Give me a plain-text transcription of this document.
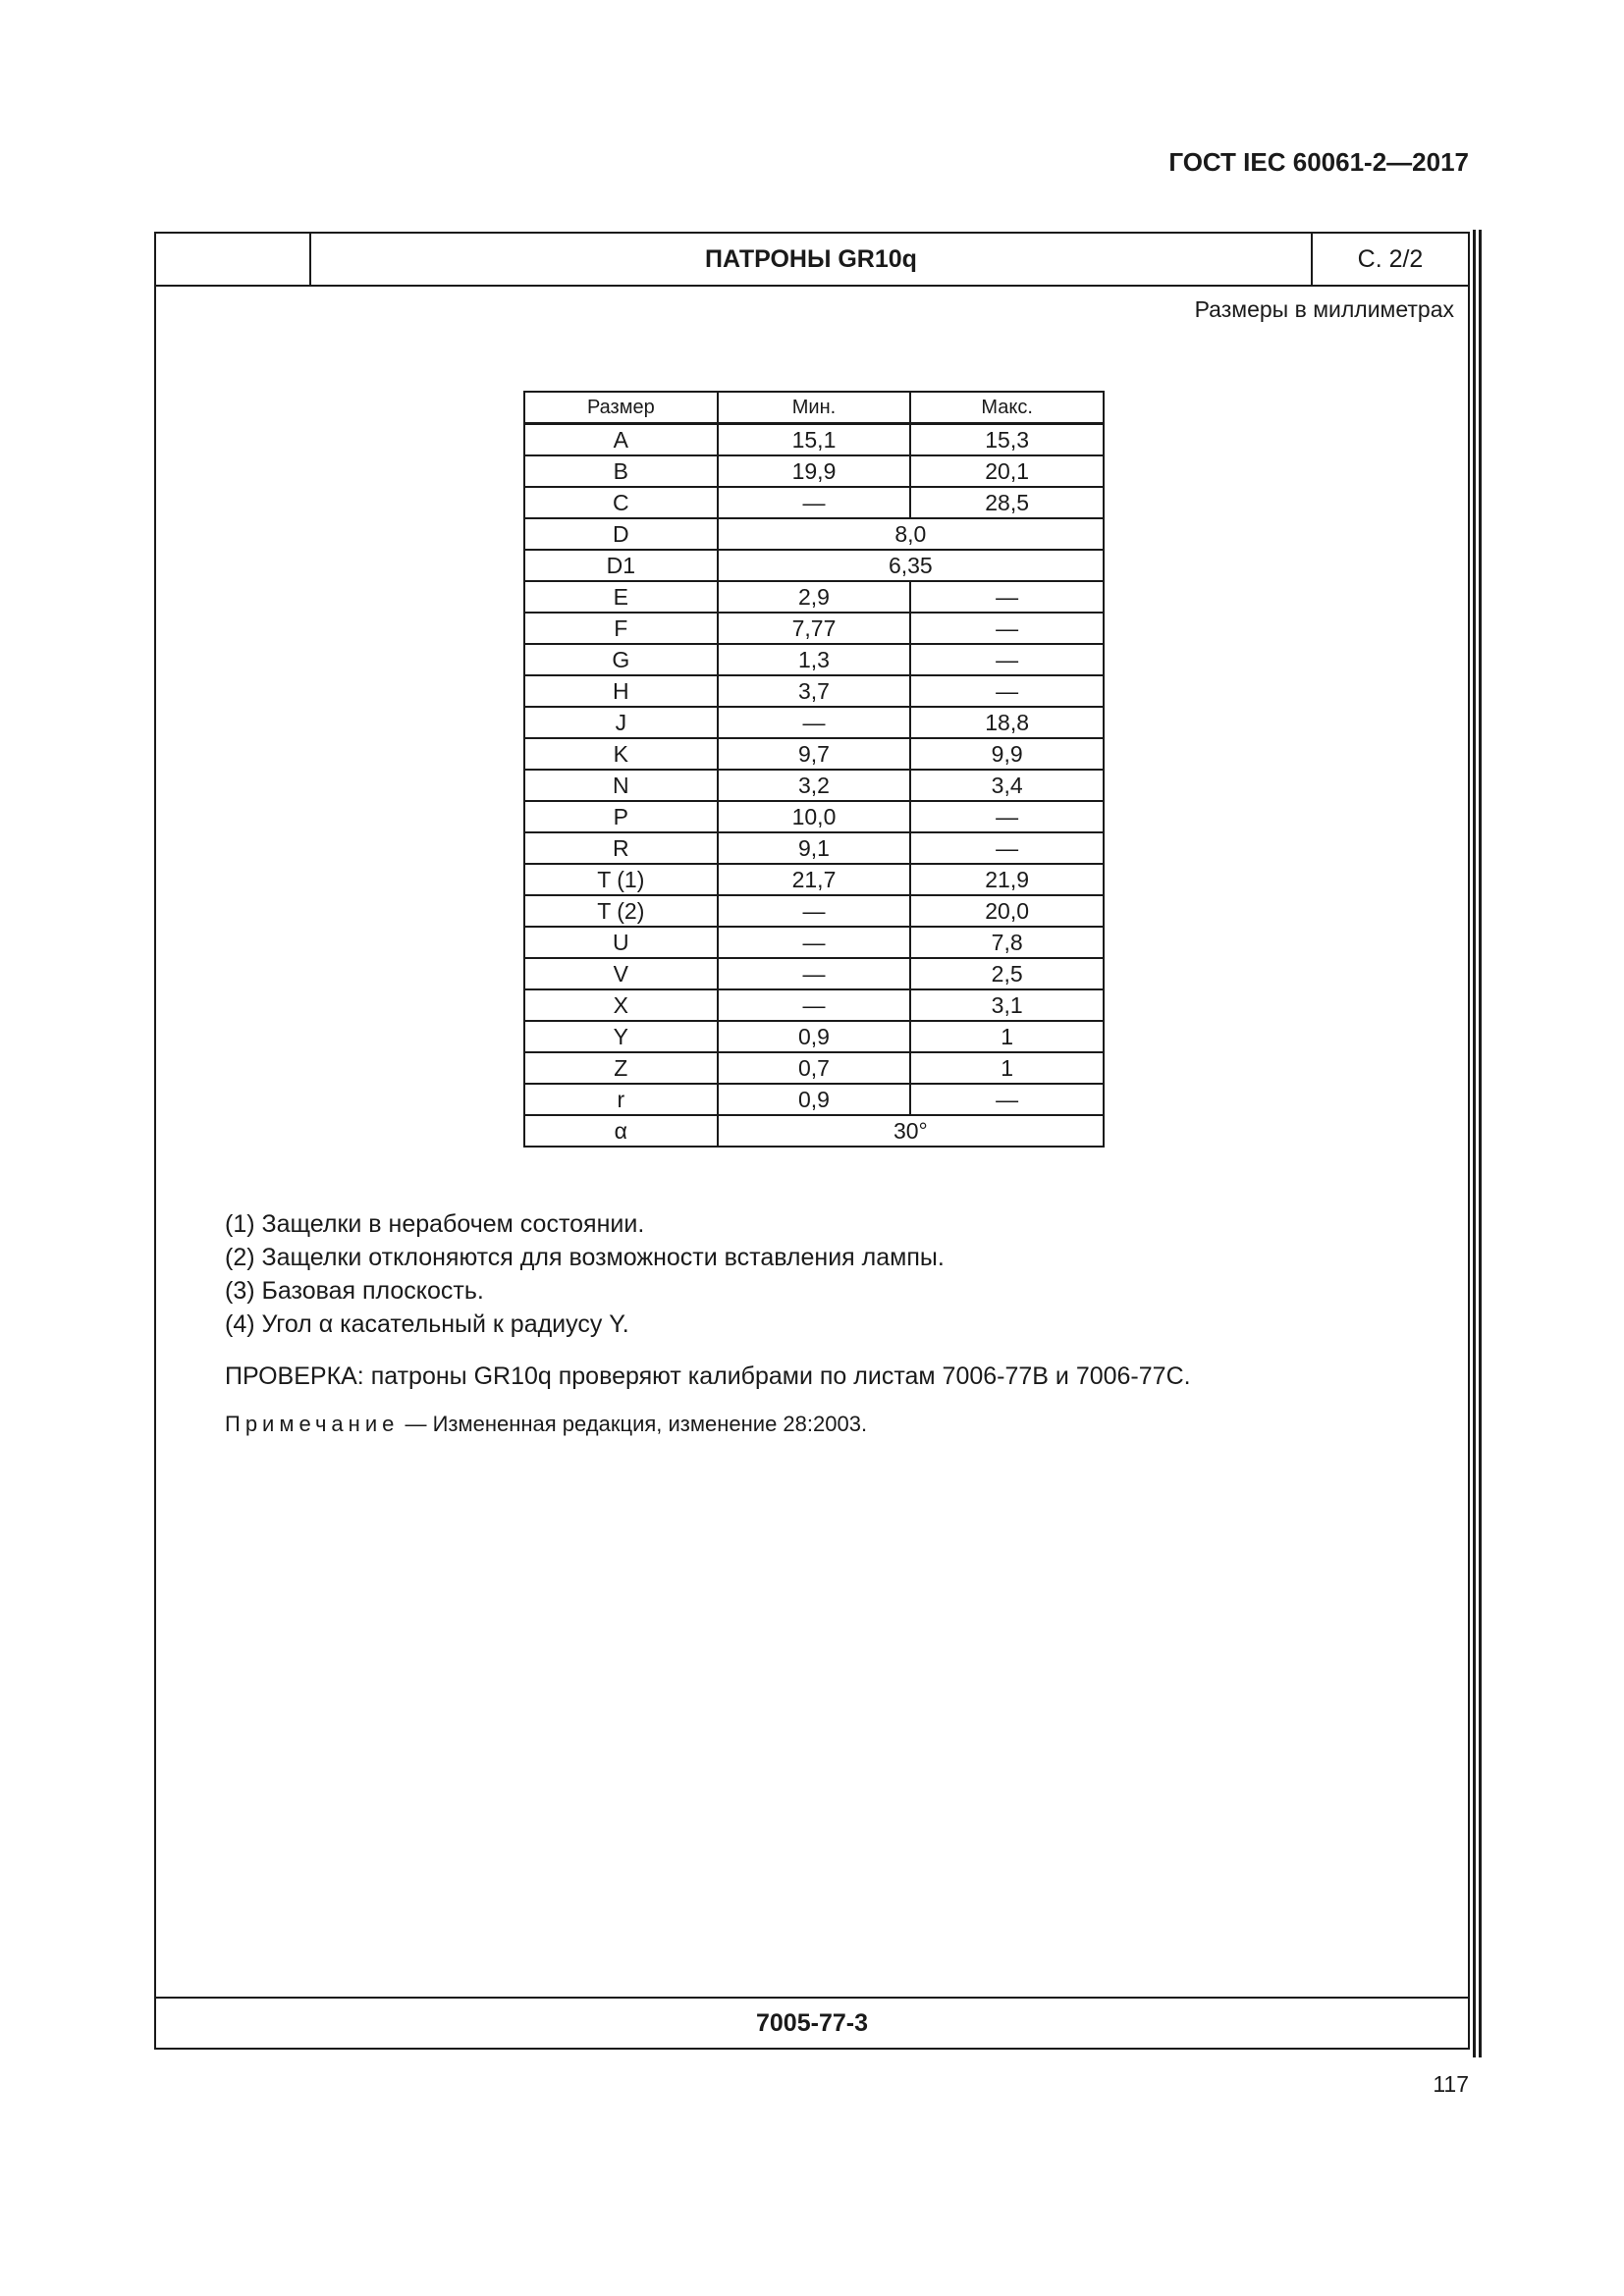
ГОСТ IEC 60061-2—2017
ПАТРОНЫ GR10q	С. 2/2
Размеры в миллиметрах
Размер	Мин.	Макс.
A	15,1	15,3
B	19,9	20,1
C	—	28,5
D	8,0	
D1	6,35	
E	2,9	—
F	7,77	—
G	1,3	—
H	3,7	—
J	—	18,8
K	9,7	9,9
N	3,2	3,4
P	10,0	—
R	9,1	—
T (1)	21,7	21,9
T (2)	—	20,0
U	—	7,8
V	—	2,5
X	—	3,1
Y	0,9	1
Z	0,7	1
r	0,9	—
α	30°	
(1) Защелки в нерабочем состоянии.
(2) Защелки отклоняются для возможности вставления лампы.
(3) Базовая плоскость.
(4) Угол α касательный к радиусу Y.
ПРОВЕРКА: патроны GR10q проверяют калибрами по листам 7006-77B и 7006-77C.
Примечание — Измененная редакция, изменение 28:2003.
7005-77-3
117
